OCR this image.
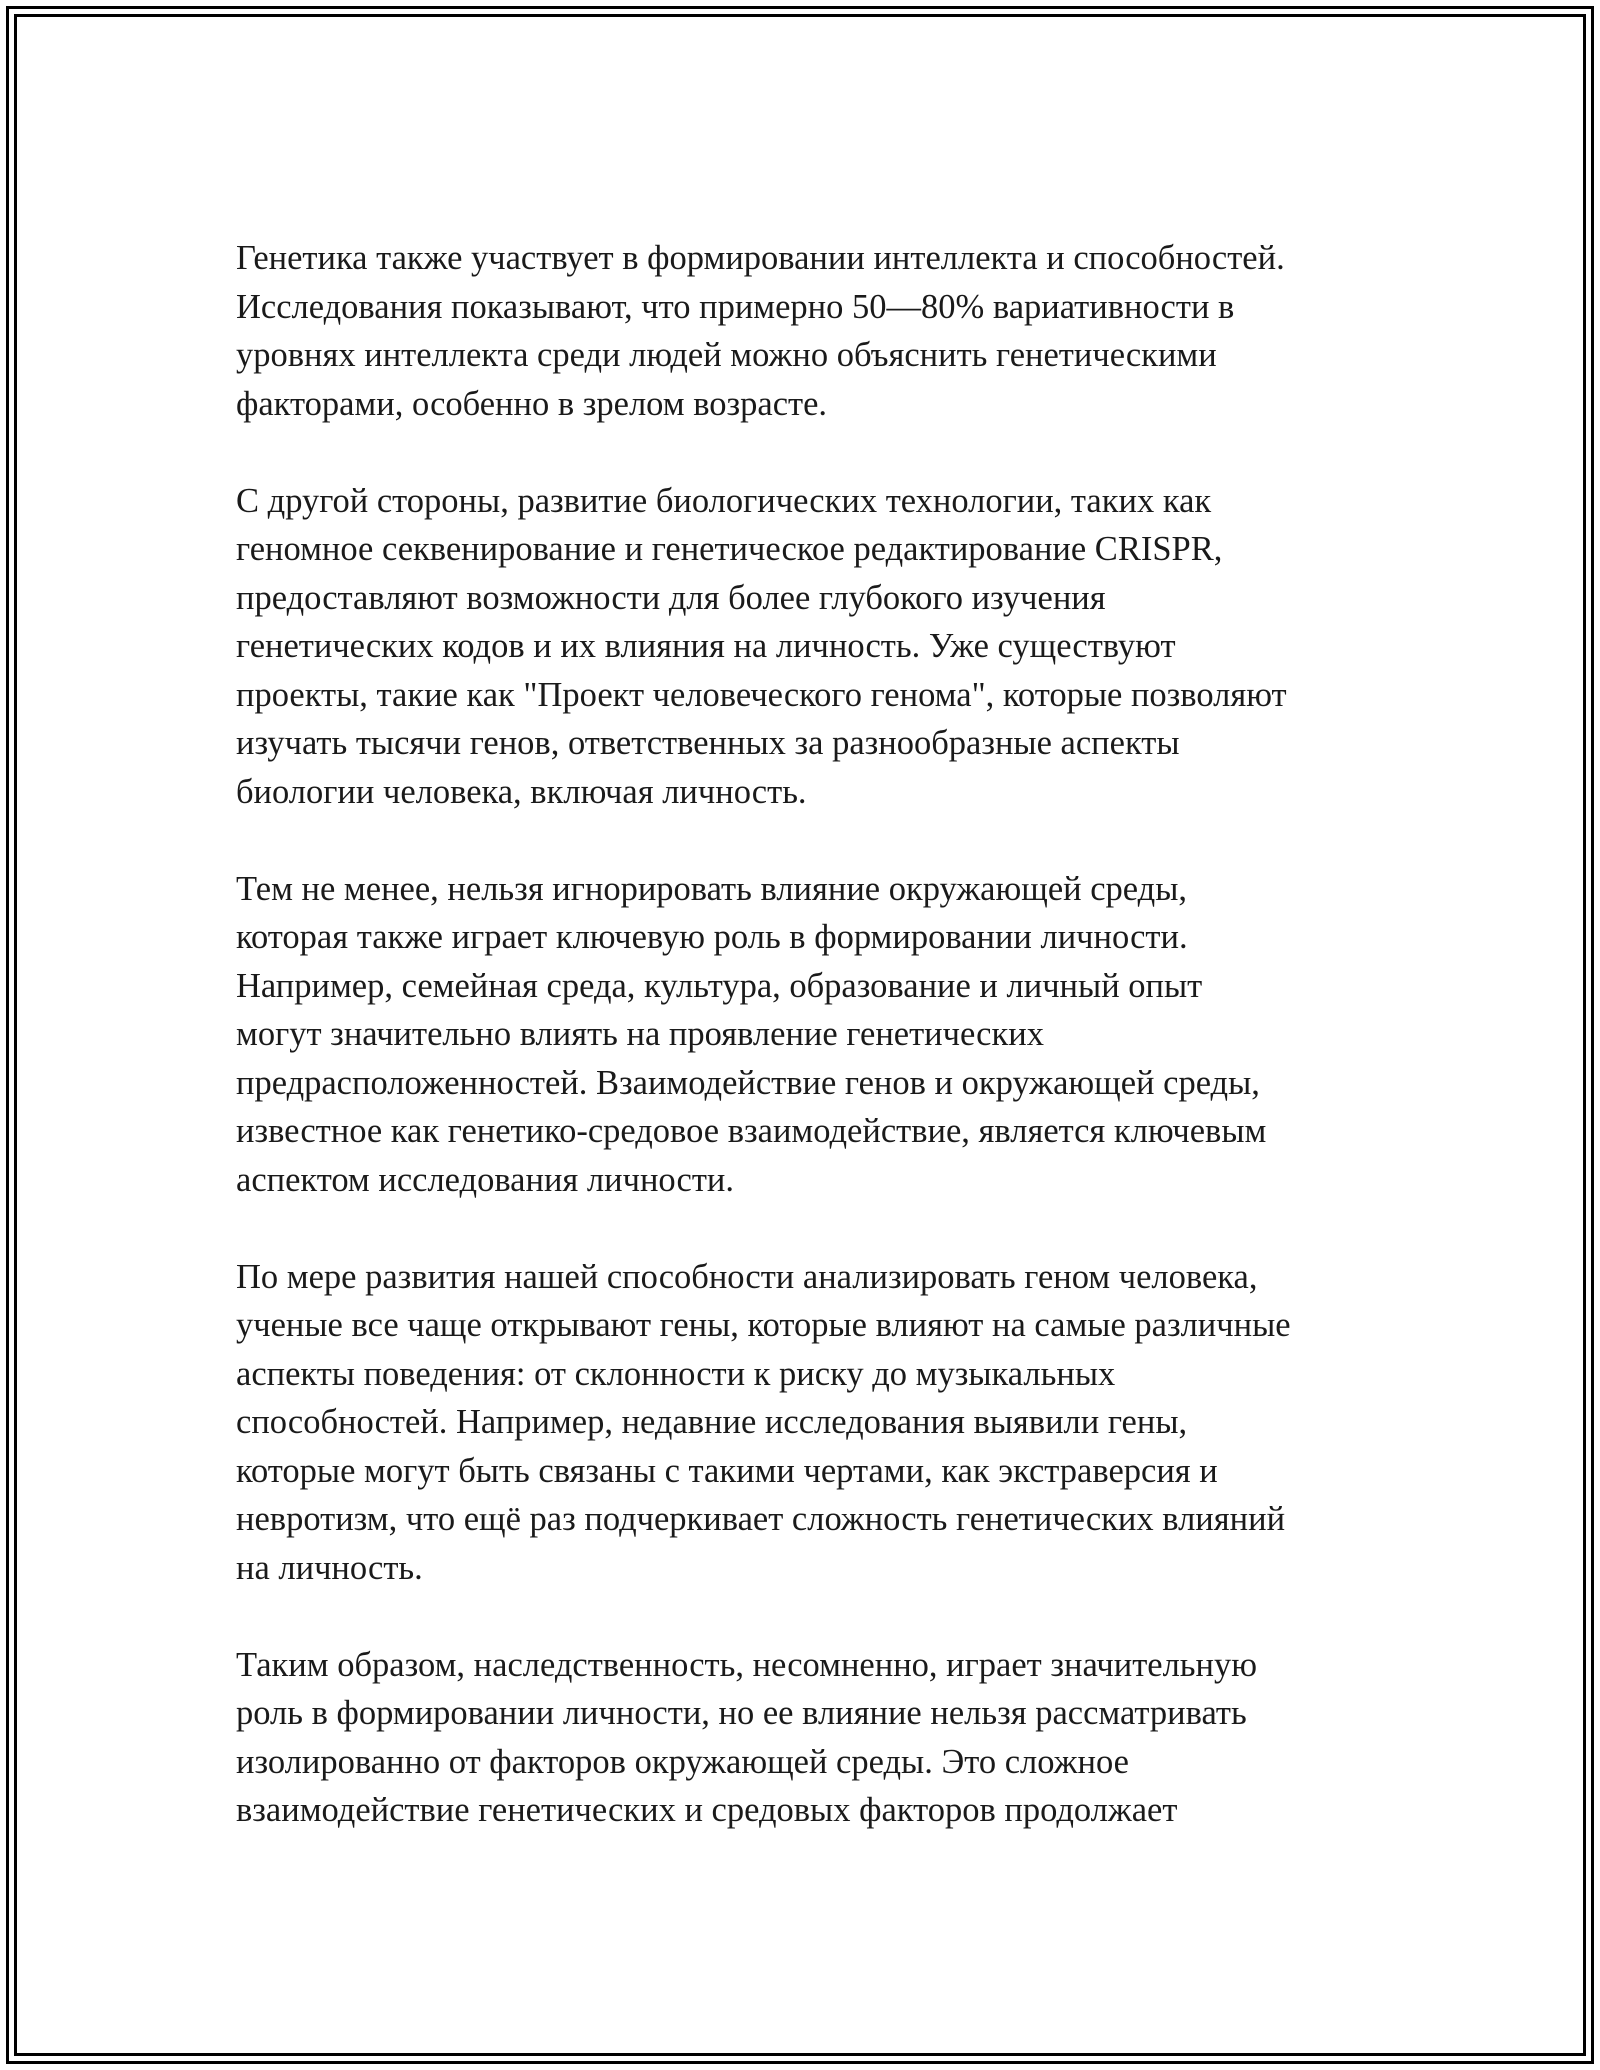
Генетика также участвует в формировании интеллекта и способностей.
Исследования показывают, что примерно 50—80% вариативности в
уровнях интеллекта среди людей можно объяснить генетическими
факторами, особенно в зрелом возрасте.
С другой стороны, развитие биологических технологии, таких как
геномное секвенирование и генетическое редактирование CRISPR,
предоставляют возможности для более глубокого изучения
генетических кодов и их влияния на личность. Уже существуют
проекты, такие как "Проект человеческого генома", которые позволяют
изучать тысячи генов, ответственных за разнообразные аспекты
биологии человека, включая личность.
Тем не менее, нельзя игнорировать влияние окружающей среды,
которая также играет ключевую роль в формировании личности.
Например, семейная среда, культура, образование и личный опыт
могут значительно влиять на проявление генетических
предрасположенностей. Взаимодействие генов и окружающей среды,
известное как генетико-средовое взаимодействие, является ключевым
аспектом исследования личности.
По мере развития нашей способности анализировать геном человека,
ученые все чаще открывают гены, которые влияют на самые различные
аспекты поведения: от склонности к риску до музыкальных
способностей. Например, недавние исследования выявили гены,
которые могут быть связаны с такими чертами, как экстраверсия и
невротизм, что ещё раз подчеркивает сложность генетических влияний
на личность.
Таким образом, наследственность, несомненно, играет значительную
роль в формировании личности, но ее влияние нельзя рассматривать
изолированно от факторов окружающей среды. Это сложное
взаимодействие генетических и средовых факторов продолжает
